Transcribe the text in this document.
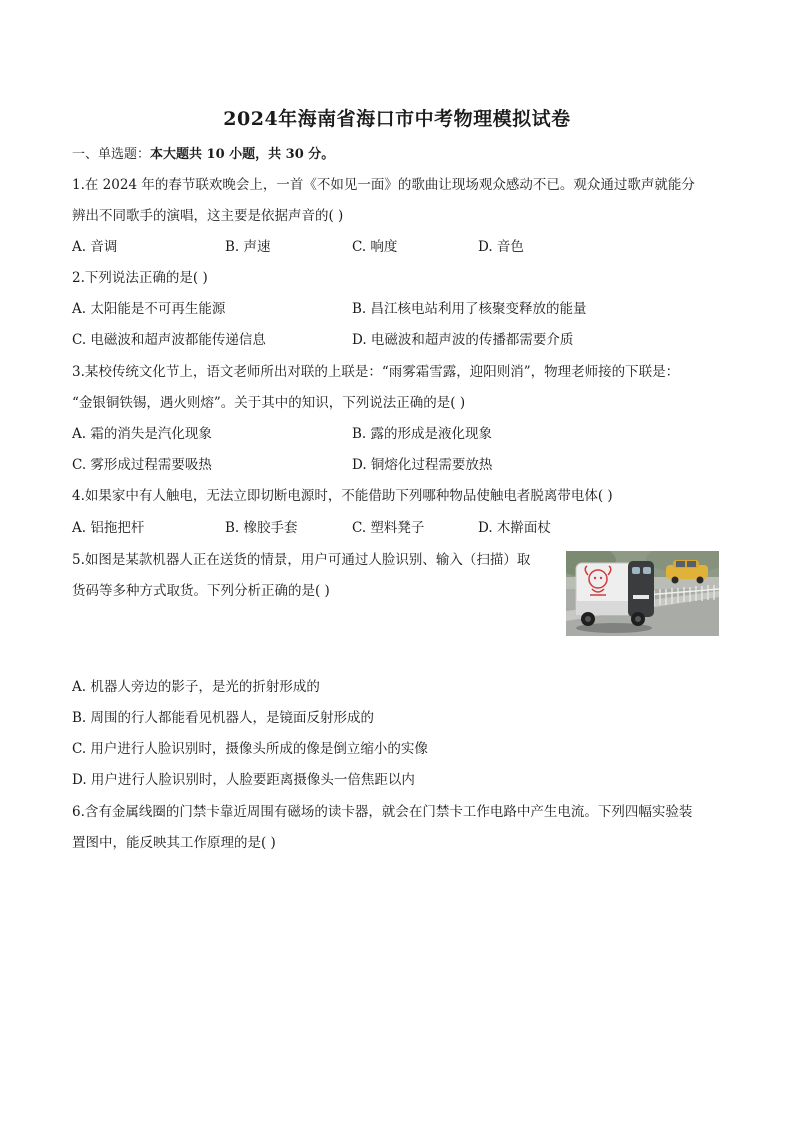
2024年海南省海口市中考物理模拟试卷
一、单选题：本大题共 10 小题，共 30 分。
1.在 2024 年的春节联欢晚会上，一首《不如见一面》的歌曲让现场观众感动不已。观众通过歌声就能分
辨出不同歌手的演唱，这主要是依据声音的( )
A. 音调	B. 声速	C. 响度	D. 音色
2.下列说法正确的是( )
A. 太阳能是不可再生能源	B. 昌江核电站利用了核聚变释放的能量
C. 电磁波和超声波都能传递信息	D. 电磁波和超声波的传播都需要介质
3.某校传统文化节上，语文老师所出对联的上联是：“雨雾霜雪露，迎阳则消”，物理老师接的下联是：
“金银铜铁锡，遇火则熔”。关于其中的知识，下列说法正确的是( )
A. 霜的消失是汽化现象	B. 露的形成是液化现象
C. 雾形成过程需要吸热	D. 铜熔化过程需要放热
4.如果家中有人触电，无法立即切断电源时，不能借助下列哪种物品使触电者脱离带电体( )
A. 铝拖把杆	B. 橡胶手套	C. 塑料凳子	D. 木擀面杖
5.如图是某款机器人正在送货的情景，用户可通过人脸识别、输入（扫描）取
货码等多种方式取货。下列分析正确的是( )
A. 机器人旁边的影子，是光的折射形成的
B. 周围的行人都能看见机器人，是镜面反射形成的
C. 用户进行人脸识别时，摄像头所成的像是倒立缩小的实像
D. 用户进行人脸识别时，人脸要距离摄像头一倍焦距以内
6.含有金属线圈的门禁卡靠近周围有磁场的读卡器，就会在门禁卡工作电路中产生电流。下列四幅实验装
置图中，能反映其工作原理的是( )
